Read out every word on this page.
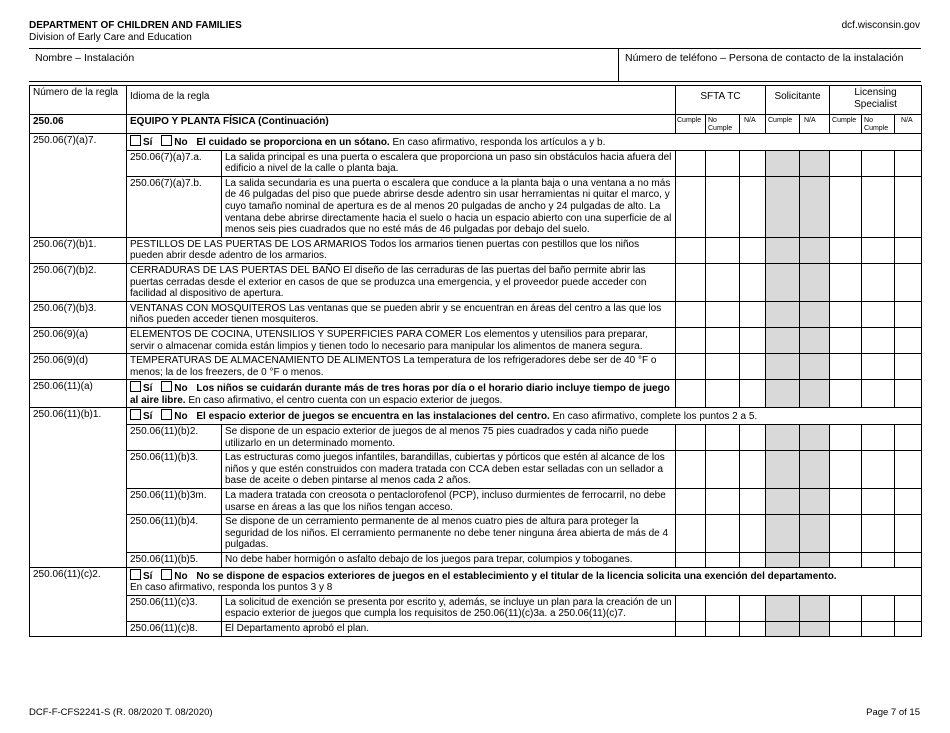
DEPARTMENT OF CHILDREN AND FAMILIES
Division of Early Care and Education
dcf.wisconsin.gov
Nombre – Instalación	Número de teléfono – Persona de contacto de la instalación
Número de la regla	Idioma de la regla		SFTA TC			Solicitante		Licensing Specialist		
250.06	EQUIPO Y PLANTA FÍSICA (Continuación)		Cumple	No Cumple	N/A	Cumple	N/A	Cumple	No Cumple	N/A

250.06(7)(a)7.	Sí No El cuidado se proporciona en un sótano. En caso afirmativo, responda los artículos a y b.									
	250.06(7)(a)7.a.	La salida principal es una puerta o escalera que proporciona un paso sin obstáculos hacia afuera del edificio a nivel de la calle o planta baja.								
	250.06(7)(a)7.b.	La salida secundaria es una puerta o escalera que conduce a la planta baja o una ventana a no más de 46 pulgadas del piso que puede abrirse desde adentro sin usar herramientas ni quitar el marco, y cuyo tamaño nominal de apertura es de al menos 20 pulgadas de ancho y 24 pulgadas de alto. La ventana debe abrirse directamente hacia el suelo o hacia un espacio abierto con una superficie de al menos seis pies cuadrados que no esté más de 46 pulgadas por debajo del suelo.								
250.06(7)(b)1.	PESTILLOS DE LAS PUERTAS DE LOS ARMARIOS Todos los armarios tienen puertas con pestillos que los niños pueden abrir desde adentro de los armarios.									
250.06(7)(b)2.	CERRADURAS DE LAS PUERTAS DEL BAÑO El diseño de las cerraduras de las puertas del baño permite abrir las puertas cerradas desde el exterior en casos de que se produzca una emergencia, y el proveedor puede acceder con facilidad al dispositivo de apertura.									
250.06(7)(b)3.	VENTANAS CON MOSQUITEROS Las ventanas que se pueden abrir y se encuentran en áreas del centro a las que los niños pueden acceder tienen mosquiteros.									
250.06(9)(a)	ELEMENTOS DE COCINA, UTENSILIOS Y SUPERFICIES PARA COMER Los elementos y utensilios para preparar, servir o almacenar comida están limpios y tienen todo lo necesario para manipular los alimentos de manera segura.									
250.06(9)(d)	TEMPERATURAS DE ALMACENAMIENTO DE ALIMENTOS La temperatura de los refrigeradores debe ser de 40 °F o menos; la de los freezers, de 0 °F o menos.									
250.06(11)(a)	Sí No Los niños se cuidarán durante más de tres horas por día o el horario diario incluye tiempo de juego al aire libre. En caso afirmativo, el centro cuenta con un espacio exterior de juegos.									
250.06(11)(b)1.	Sí No El espacio exterior de juegos se encuentra en las instalaciones del centro. En caso afirmativo, complete los puntos 2 a 5.									
	250.06(11)(b)2.	Se dispone de un espacio exterior de juegos de al menos 75 pies cuadrados y cada niño puede utilizarlo en un determinado momento.								
	250.06(11)(b)3.	Las estructuras como juegos infantiles, barandillas, cubiertas y pórticos que estén al alcance de los niños y que estén construidos con madera tratada con CCA deben estar selladas con un sellador a base de aceite o deben pintarse al menos cada 2 años.								
	250.06(11)(b)3m.	La madera tratada con creosota o pentaclorofenol (PCP), incluso durmientes de ferrocarril, no debe usarse en áreas a las que los niños tengan acceso.								
	250.06(11)(b)4.	Se dispone de un cerramiento permanente de al menos cuatro pies de altura para proteger la seguridad de los niños. El cerramiento permanente no debe tener ninguna área abierta de más de 4 pulgadas.								
	250.06(11)(b)5.	No debe haber hormigón o asfalto debajo de los juegos para trepar, columpios y toboganes.								
250.06(11)(c)2.	Sí No No se dispone de espacios exteriores de juegos en el establecimiento y el titular de la licencia solicita una exención del departamento.
En caso afirmativo, responda los puntos 3 y 8									
	250.06(11)(c)3.	La solicitud de exención se presenta por escrito y, además, se incluye un plan para la creación de un espacio exterior de juegos que cumpla los requisitos de 250.06(11)(c)3a. a 250.06(11)(c)7.								
	250.06(11)(c)8.	El Departamento aprobó el plan.								
DCF-F-CFS2241-S (R. 08/2020 T. 08/2020)	Page 7 of 15
